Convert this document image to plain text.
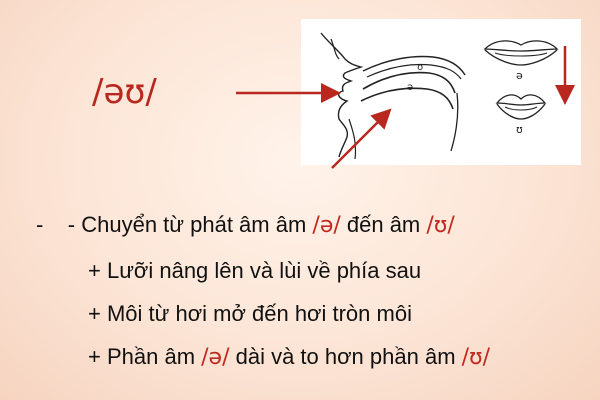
/əʊ/
ʊ
ə
ə
ʊ
- - Chuyển từ phát âm âm /ə/ đến âm /ʊ/
+ Lưỡi nâng lên và lùi về phía sau
+ Môi từ hơi mở đến hơi tròn môi
+ Phần âm /ə/ dài và to hơn phần âm /ʊ/
